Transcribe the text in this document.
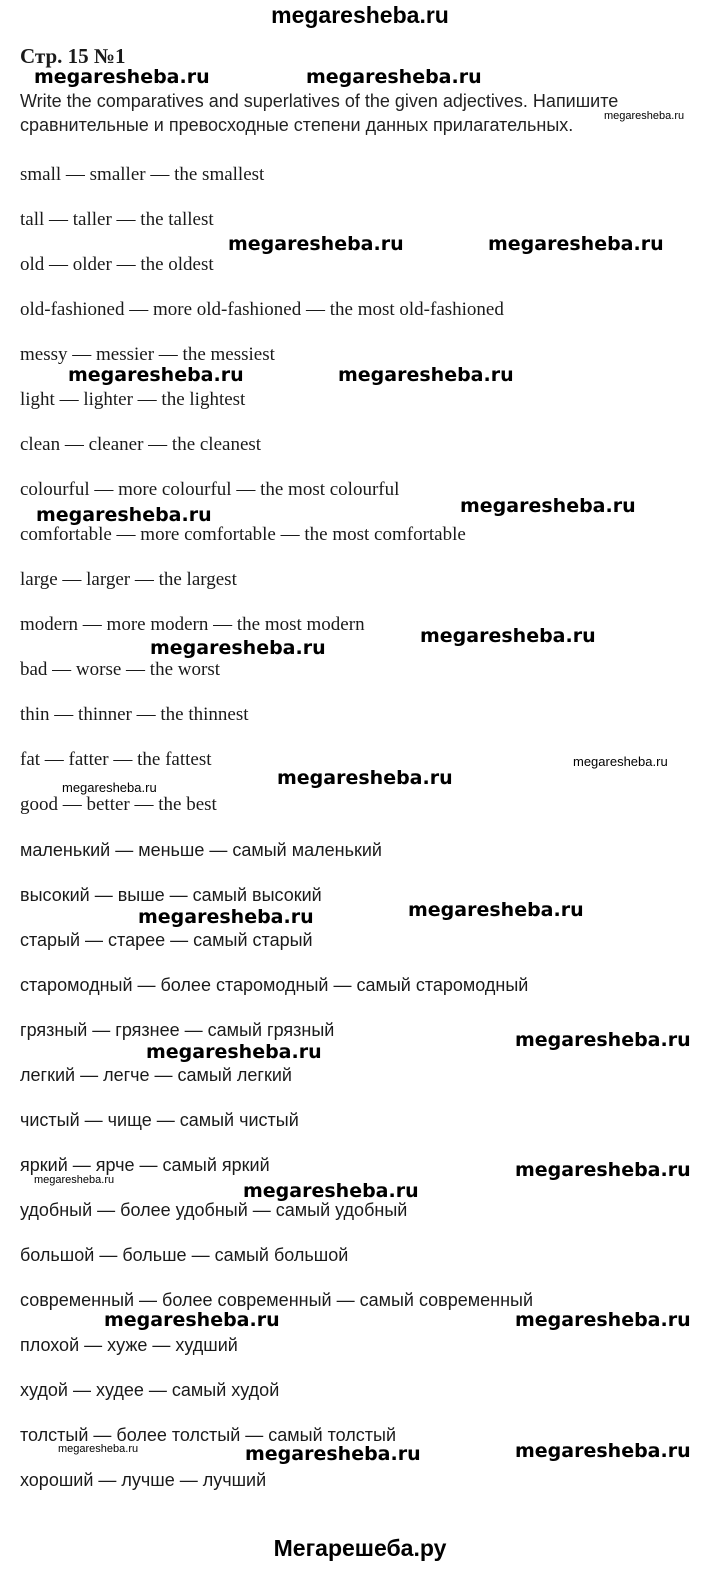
megaresheba.ru
Стр. 15 №1
Write the comparatives and superlatives of the given adjectives. Напишите сравнительные и превосходные степени данных прилагательных.
small — smaller — the smallest
tall — taller — the tallest
old — older — the oldest
old-fashioned — more old-fashioned — the most old-fashioned
messy — messier — the messiest
light — lighter — the lightest
clean — cleaner — the cleanest
colourful — more colourful — the most colourful
comfortable — more comfortable — the most comfortable
large — larger — the largest
modern — more modern — the most modern
bad — worse — the worst
thin — thinner — the thinnest
fat — fatter — the fattest
good — better — the best
маленький — меньше — самый маленький
высокий — выше — самый высокий
старый — старее — самый старый
старомодный — более старомодный — самый старомодный
грязный — грязнее — самый грязный
легкий — легче — самый легкий
чистый — чище — самый чистый
яркий — ярче — самый яркий
удобный — более удобный — самый удобный
большой — больше — самый большой
современный — более современный — самый современный
плохой — хуже — худший
худой — худее — самый худой
толстый — более толстый — самый толстый
хороший — лучше — лучший
megaresheba.ru	megaresheba.ru
megaresheba.ru
megaresheba.ru	megaresheba.ru
megaresheba.ru	megaresheba.ru
megaresheba.ru
megaresheba.ru
megaresheba.ru
megaresheba.ru
megaresheba.ru
megaresheba.ru	megaresheba.ru
megaresheba.ru
megaresheba.ru
megaresheba.ru
megaresheba.ru
megaresheba.ru
megaresheba.ru	megaresheba.ru
megaresheba.ru	megaresheba.ru
megaresheba.ru	megaresheba.ru	megaresheba.ru
Мегарешеба.ру
